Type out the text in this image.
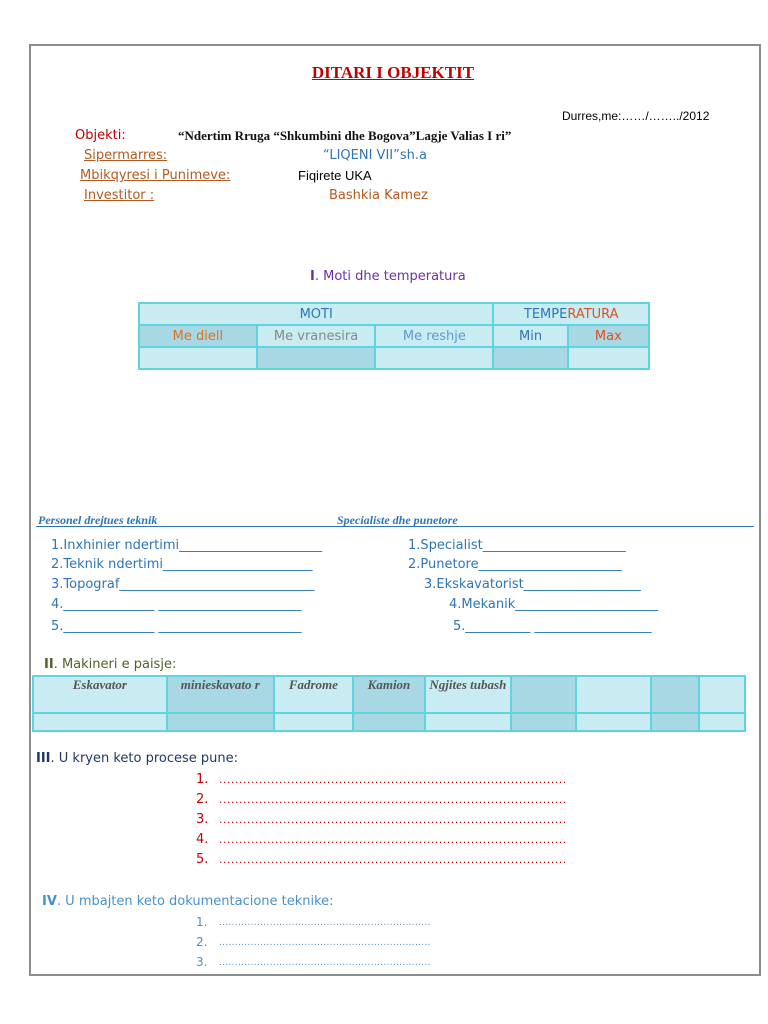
DITARI I OBJEKTIT
Durres,me:……/……../2012
Objekti:	“Ndertim Rruga “Shkumbini dhe Bogova”Lagje Valias I ri”
Sipermarres:	“LIQENI VII”sh.a
Mbikqyresi i Punimeve:	Fiqirete UKA
Investitor :	Bashkia Kamez
I. Moti dhe temperatura
MOTI			TEMPERATURA	
Me diell	Me vranesira	Me reshje	Min	Max

Personel drejtues teknik	Specialiste dhe punetore
1.Inxhinier ndertimi______________________
2.Teknik ndertimi_______________________
3.Topograf______________________________
4.______________ ______________________
5.______________ ______________________
1.Specialist______________________
2.Punetore______________________
3.Ekskavatorist__________________
4.Mekanik______________________
5.__________ __________________
II. Makineri e paisje:
Eskavator	minieskavato r	Fadrome	Kamion	Ngjites tubash				

III. U kryen keto procese pune:
1. .......................................................................................
2. .......................................................................................
3. .......................................................................................
4. .......................................................................................
5. .......................................................................................
IV. U mbajten keto dokumentacione teknike:
1. ...................................................................
2. ...................................................................
3. ...................................................................
